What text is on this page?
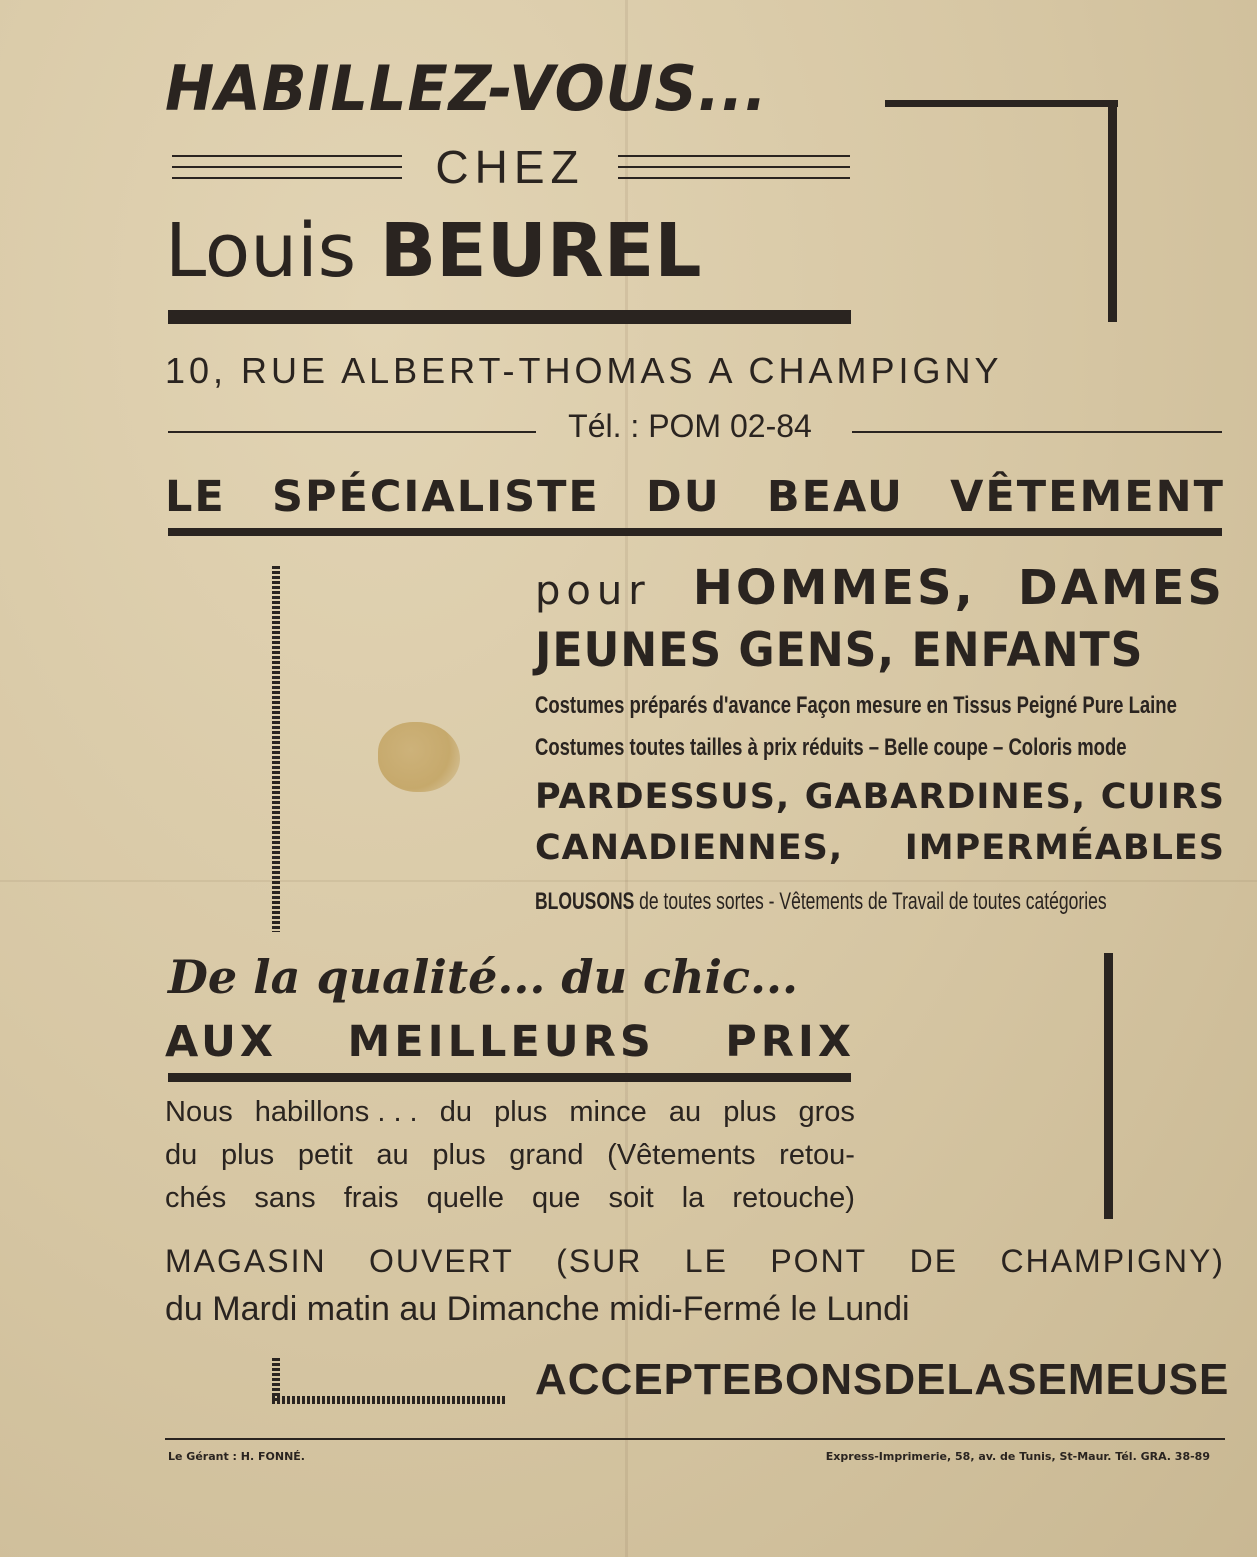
HABILLEZ-VOUS...
CHEZ
Louis BEUREL
10, RUE ALBERT-THOMAS A CHAMPIGNY
Tél. : POM 02-84
LE SPÉCIALISTE DU BEAU VÊTEMENT
pour HOMMES, DAMES
JEUNES GENS, ENFANTS
Costumes préparés d'avance Façon mesure en Tissus Peigné Pure Laine
Costumes toutes tailles à prix réduits – Belle coupe – Coloris mode
PARDESSUS, GABARDINES, CUIRS
CANADIENNES, IMPERMÉABLES
BLOUSONS de toutes sortes - Vêtements de Travail de toutes catégories
De la qualité... du chic...
AUX MEILLEURS PRIX
Nous habillons . . . du plus mince au plus gros
du plus petit au plus grand (Vêtements retou-
chés sans frais quelle que soit la retouche)
MAGASIN OUVERT (SUR LE PONT DE CHAMPIGNY)
du Mardi matin au Dimanche midi-Fermé le Lundi
ACCEPTE BONS DE LA SEMEUSE
Le Gérant : H. FONNÉ.	Express-Imprimerie, 58, av. de Tunis, St-Maur. Tél. GRA. 38-89
